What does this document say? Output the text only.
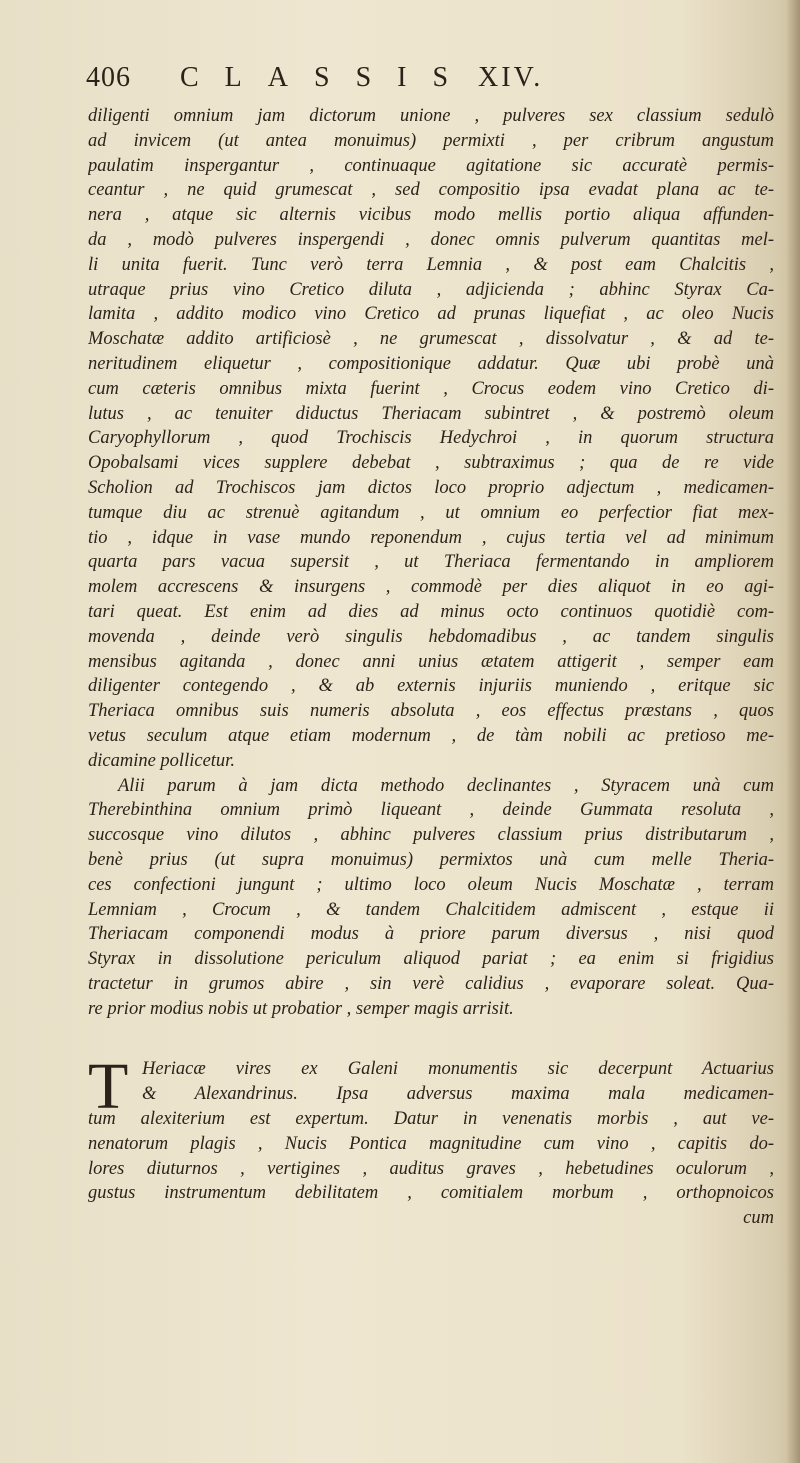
406 CLASSIS XIV.
diligenti omnium jam dictorum unione , pulveres sex classium sedulò
ad invicem (ut antea monuimus) permixti , per cribrum angustum
paulatim inspergantur , continuaque agitatione sic accuratè permis-
ceantur , ne quid grumescat , sed compositio ipsa evadat plana ac te-
nera , atque sic alternis vicibus modo mellis portio aliqua affunden-
da , modò pulveres inspergendi , donec omnis pulverum quantitas mel-
li unita fuerit. Tunc verò terra Lemnia , & post eam Chalcitis ,
utraque prius vino Cretico diluta , adjicienda ; abhinc Styrax Ca-
lamita , addito modico vino Cretico ad prunas liquefiat , ac oleo Nucis
Moschatæ addito artificiosè , ne grumescat , dissolvatur , & ad te-
neritudinem eliquetur , compositionique addatur. Quæ ubi probè unà
cum cæteris omnibus mixta fuerint , Crocus eodem vino Cretico di-
lutus , ac tenuiter diductus Theriacam subintret , & postremò oleum
Caryophyllorum , quod Trochiscis Hedychroi , in quorum structura
Opobalsami vices supplere debebat , subtraximus ; qua de re vide
Scholion ad Trochiscos jam dictos loco proprio adjectum , medicamen-
tumque diu ac strenuè agitandum , ut omnium eo perfectior fiat mex-
tio , idque in vase mundo reponendum , cujus tertia vel ad minimum
quarta pars vacua supersit , ut Theriaca fermentando in ampliorem
molem accrescens & insurgens , commodè per dies aliquot in eo agi-
tari queat. Est enim ad dies ad minus octo continuos quotidiè com-
movenda , deinde verò singulis hebdomadibus , ac tandem singulis
mensibus agitanda , donec anni unius ætatem attigerit , semper eam
diligenter contegendo , & ab externis injuriis muniendo , eritque sic
Theriaca omnibus suis numeris absoluta , eos effectus præstans , quos
vetus seculum atque etiam modernum , de tàm nobili ac pretioso me-
dicamine pollicetur.
Alii parum à jam dicta methodo declinantes , Styracem unà cum
Therebinthina omnium primò liqueant , deinde Gummata resoluta ,
succosque vino dilutos , abhinc pulveres classium prius distributarum ,
benè prius (ut supra monuimus) permixtos unà cum melle Theria-
ces confectioni jungunt ; ultimo loco oleum Nucis Moschatæ , terram
Lemniam , Crocum , & tandem Chalcitidem admiscent , estque ii
Theriacam componendi modus à priore parum diversus , nisi quod
Styrax in dissolutione periculum aliquod pariat ; ea enim si frigidius
tractetur in grumos abire , sin verè calidius , evaporare soleat. Qua-
re prior modius nobis ut probatior , semper magis arrisit.
T Heriacæ vires ex Galeni monumentis sic decerpunt Actuarius
& Alexandrinus. Ipsa adversus maxima mala medicamen-
tum alexiterium est expertum. Datur in venenatis morbis , aut ve-
nenatorum plagis , Nucis Pontica magnitudine cum vino , capitis do-
lores diuturnos , vertigines , auditus graves , hebetudines oculorum ,
gustus instrumentum debilitatem , comitialem morbum , orthopnoicos
cum
